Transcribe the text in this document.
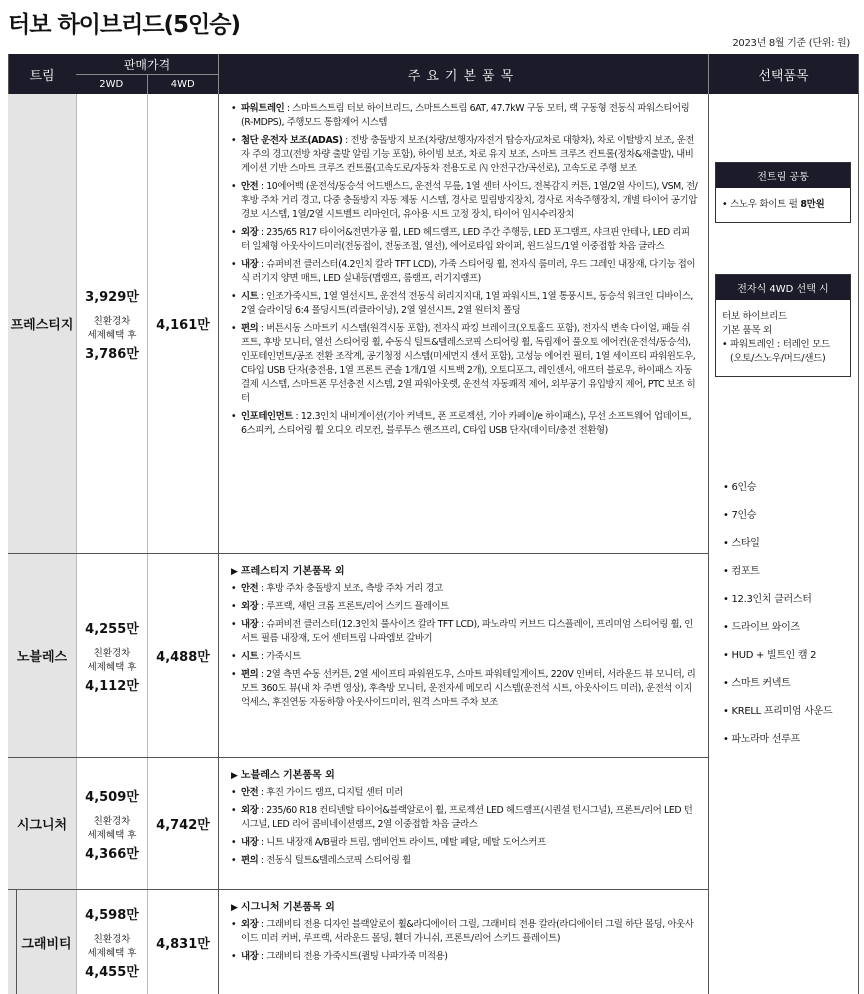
터보 하이브리드(5인승)
2023년 8월 기준 (단위: 원)
트림
판매가격
2WD	4WD
주요기본품목	선택품목
프레스티지
3,929만
친환경차
세제혜택 후
3,786만
4,161만
• 파워트레인 : 스마트스트림 터보 하이브리드, 스마트스트림 6AT, 47.7kW 구동 모터, 랙 구동형 전동식 파워스티어링(R-MDPS), 주행모드 통합제어 시스템
• 첨단 운전자 보조(ADAS) : 전방 충돌방지 보조(차량/보행자/자전거 탑승자/교차로 대향차), 차로 이탈방지 보조, 운전자 주의 경고(전방 차량 출발 알림 기능 포함), 하이빔 보조, 차로 유지 보조, 스마트 크루즈 컨트롤(정차&재출발), 내비게이션 기반 스마트 크루즈 컨트롤(고속도로/자동차 전용도로 內 안전구간/곡선로), 고속도로 주행 보조
• 안전 : 10에어백 (운전석/동승석 어드밴스드, 운전석 무릎, 1열 센터 사이드, 전복감지 커튼, 1열/2열 사이드), VSM, 전/후방 주차 거리 경고, 다중 충돌방지 자동 제동 시스템, 경사로 밀림방지장치, 경사로 저속주행장치, 개별 타이어 공기압 경보 시스템, 1열/2열 시트벨트 리마인더, 유아용 시트 고정 장치, 타이어 임시수리장치
• 외장 : 235/65 R17 타이어&전면가공 휠, LED 헤드램프, LED 주간 주행등, LED 포그램프, 샤크핀 안테나, LED 리피터 일체형 아웃사이드미러(전동접이, 전동조절, 열선), 에어로타입 와이퍼, 윈드실드/1열 이중접합 차음 글라스
• 내장 : 슈퍼비전 클러스터(4.2인치 칼라 TFT LCD), 가죽 스티어링 휠, 전자식 룸미러, 우드 그레인 내장재, 다기능 접이식 러기지 양면 매트, LED 실내등(맵램프, 룸램프, 러기지램프)
• 시트 : 인조가죽시트, 1열 열선시트, 운전석 전동식 허리지지대, 1열 파워시트, 1열 통풍시트, 동승석 워크인 디바이스, 2열 슬라이딩 6:4 폴딩시트(리클라이닝), 2열 열선시트, 2열 원터치 폴딩
• 편의 : 버튼시동 스마트키 시스템(원격시동 포함), 전자식 파킹 브레이크(오토홀드 포함), 전자식 변속 다이얼, 패들 쉬프트, 후방 모니터, 열선 스티어링 휠, 수동식 틸트&텔레스코픽 스티어링 휠, 독립제어 풀오토 에어컨(운전석/동승석), 인포테인먼트/공조 전환 조작계, 공기청정 시스템(미세먼지 센서 포함), 고성능 에어컨 필터, 1열 세이프티 파워윈도우, C타입 USB 단자(충전용, 1열 프론트 콘솔 1개/1열 시트백 2개), 오토디포그, 레인센서, 애프터 블로우, 하이패스 자동결제 시스템, 스마트폰 무선충전 시스템, 2열 파워아웃렛, 운전석 자동쾌적 제어, 외부공기 유입방지 제어, PTC 보조 히터
• 인포테인먼트 : 12.3인치 내비게이션(기아 커넥트, 폰 프로젝션, 기아 카페이/e 하이패스), 무선 소프트웨어 업데이트, 6스피커, 스티어링 휠 오디오 리모컨, 블루투스 핸즈프리, C타입 USB 단자(데이터/충전 전환형)
노블레스
4,255만
친환경차
세제혜택 후
4,112만
4,488만
▶ 프레스티지 기본품목 외
• 안전 : 후방 주차 충돌방지 보조, 측방 주차 거리 경고
• 외장 : 루프랙, 새틴 크롬 프론트/리어 스키드 플레이트
• 내장 : 슈퍼비전 클러스터(12.3인치 풀사이즈 칼라 TFT LCD), 파노라믹 커브드 디스플레이, 프리미엄 스티어링 휠, 인서트 필름 내장재, 도어 센터트림 나파엠보 갈바기
• 시트 : 가죽시트
• 편의 : 2열 측면 수동 선커튼, 2열 세이프티 파워윈도우, 스마트 파워테일게이트, 220V 인버터, 서라운드 뷰 모니터, 리모트 360도 뷰(내 차 주변 영상), 후측방 모니터, 운전자세 메모리 시스템(운전석 시트, 아웃사이드 미러), 운전석 이지 억세스, 후진연동 자동하향 아웃사이드미러, 원격 스마트 주차 보조
시그니처
4,509만
친환경차
세제혜택 후
4,366만
4,742만
▶ 노블레스 기본품목 외
• 안전 : 후진 가이드 램프, 디지털 센터 미러
• 외장 : 235/60 R18 컨티넨탈 타이어&블랙알로이 휠, 프로젝션 LED 헤드램프(시퀀셜 턴시그널), 프론트/리어 LED 턴시그널, LED 리어 콤비네이션램프, 2열 이중접합 차음 글라스
• 내장 : 니트 내장재 A/B필라 트림, 앰비언트 라이트, 메탈 페달, 메탈 도어스커프
• 편의 : 전동식 틸트&텔레스코픽 스티어링 휠
그래비티
4,598만
친환경차
세제혜택 후
4,455만
4,831만
▶ 시그니처 기본품목 외
• 외장 : 그래비티 전용 디자인 블랙알로이 휠&라디에이터 그릴, 그래비티 전용 칼라(라디에이터 그릴 하단 몰딩, 아웃사이드 미러 커버, 루프랙, 서라운드 몰딩, 휀더 가니쉬, 프론트/리어 스키드 플레이트)
• 내장 : 그래비티 전용 가죽시트(퀼팅 나파가죽 미적용)
전트림 공통
• 스노우 화이트 펄 8만원
전자식 4WD 선택 시
터보 하이브리드
기본 품목 외
• 파워트레인 : 터레인 모드
(오토/스노우/머드/샌드)
• 6인승
• 7인승
• 스타일
• 컴포트
• 12.3인치 클러스터
• 드라이브 와이즈
• HUD + 빌트인 캠 2
• 스마트 커넥트
• KRELL 프리미엄 사운드
• 파노라마 선루프
